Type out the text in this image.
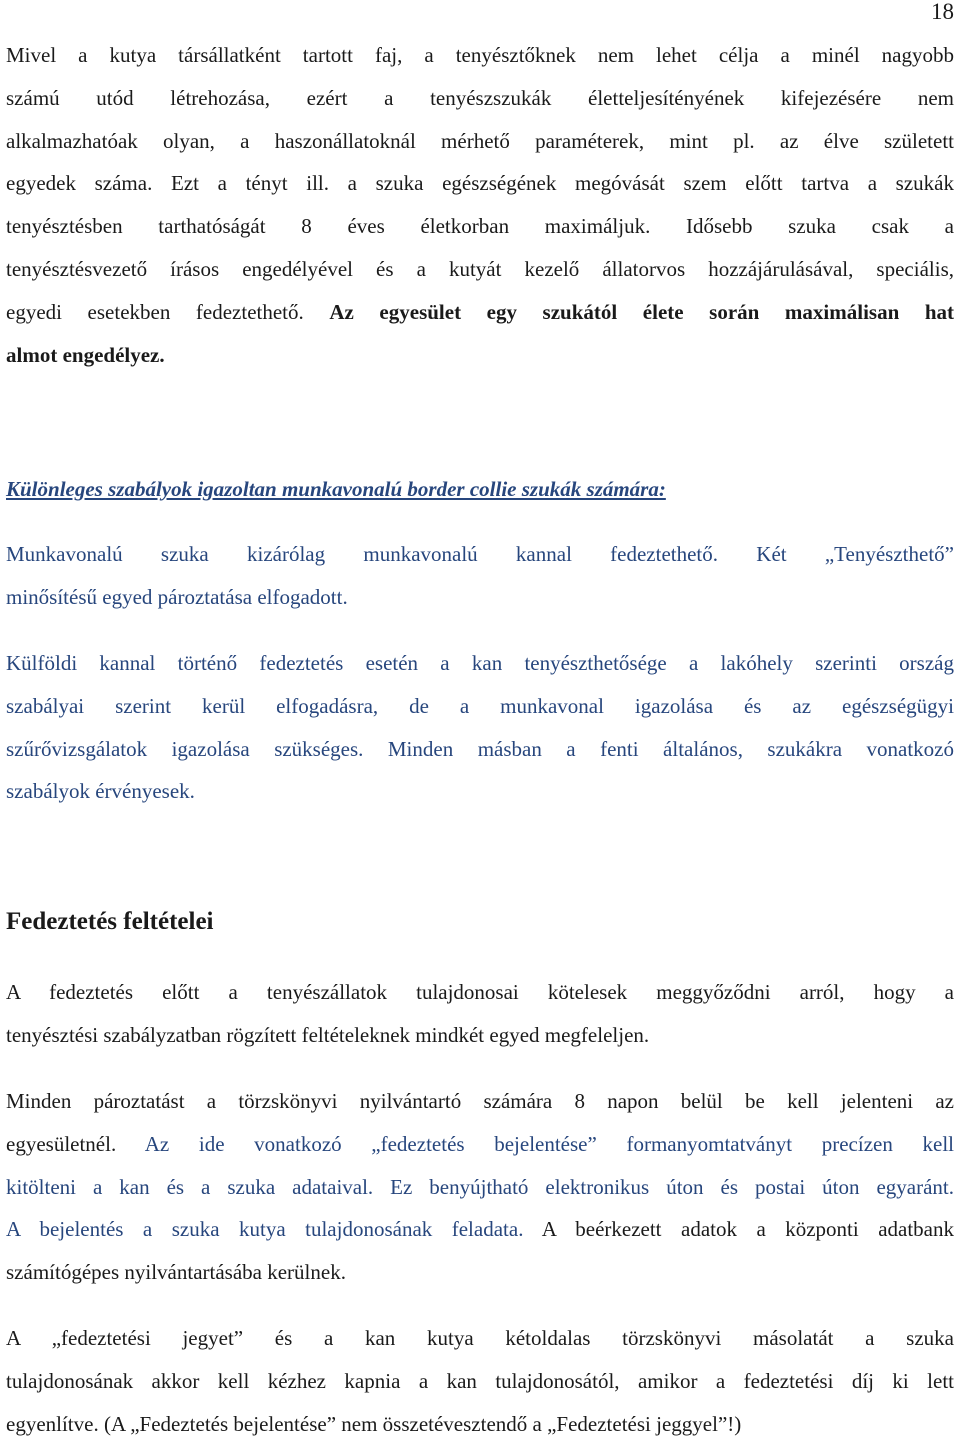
18
Mivel a kutya társállatként tartott faj, a tenyésztőknek nem lehet célja a minél nagyobb
számú utód létrehozása, ezért a tenyészszukák életteljesítényének kifejezésére nem
alkalmazhatóak olyan, a haszonállatoknál mérhető paraméterek, mint pl. az élve született
egyedek száma. Ezt a tényt ill. a szuka egészségének megóvását szem előtt tartva a szukák
tenyésztésben tarthatóságát 8 éves életkorban maximáljuk. Idősebb szuka csak a
tenyésztésvezető írásos engedélyével és a kutyát kezelő állatorvos hozzájárulásával, speciális,
egyedi esetekben fedeztethető. Az egyesület egy szukától élete során maximálisan hat
almot engedélyez.
Különleges szabályok igazoltan munkavonalú border collie szukák számára:
Munkavonalú szuka kizárólag munkavonalú kannal fedeztethető. Két „Tenyészthető”
minősítésű egyed pároztatása elfogadott.
Külföldi kannal történő fedeztetés esetén a kan tenyészthetősége a lakóhely szerinti ország
szabályai szerint kerül elfogadásra, de a munkavonal igazolása és az egészségügyi
szűrővizsgálatok igazolása szükséges. Minden másban a fenti általános, szukákra vonatkozó
szabályok érvényesek.
Fedeztetés feltételei
A fedeztetés előtt a tenyészállatok tulajdonosai kötelesek meggyőződni arról, hogy a
tenyésztési szabályzatban rögzített feltételeknek mindkét egyed megfeleljen.
Minden pároztatást a törzskönyvi nyilvántartó számára 8 napon belül be kell jelenteni az
egyesületnél. Az ide vonatkozó „fedeztetés bejelentése” formanyomtatványt precízen kell
kitölteni a kan és a szuka adataival. Ez benyújtható elektronikus úton és postai úton egyaránt.
A bejelentés a szuka kutya tulajdonosának feladata. A beérkezett adatok a központi adatbank
számítógépes nyilvántartásába kerülnek.
A „fedeztetési jegyet” és a kan kutya kétoldalas törzskönyvi másolatát a szuka
tulajdonosának akkor kell kézhez kapnia a kan tulajdonosától, amikor a fedeztetési díj ki lett
egyenlítve. (A „Fedeztetés bejelentése” nem összetévesztendő a „Fedeztetési jeggyel”!)
